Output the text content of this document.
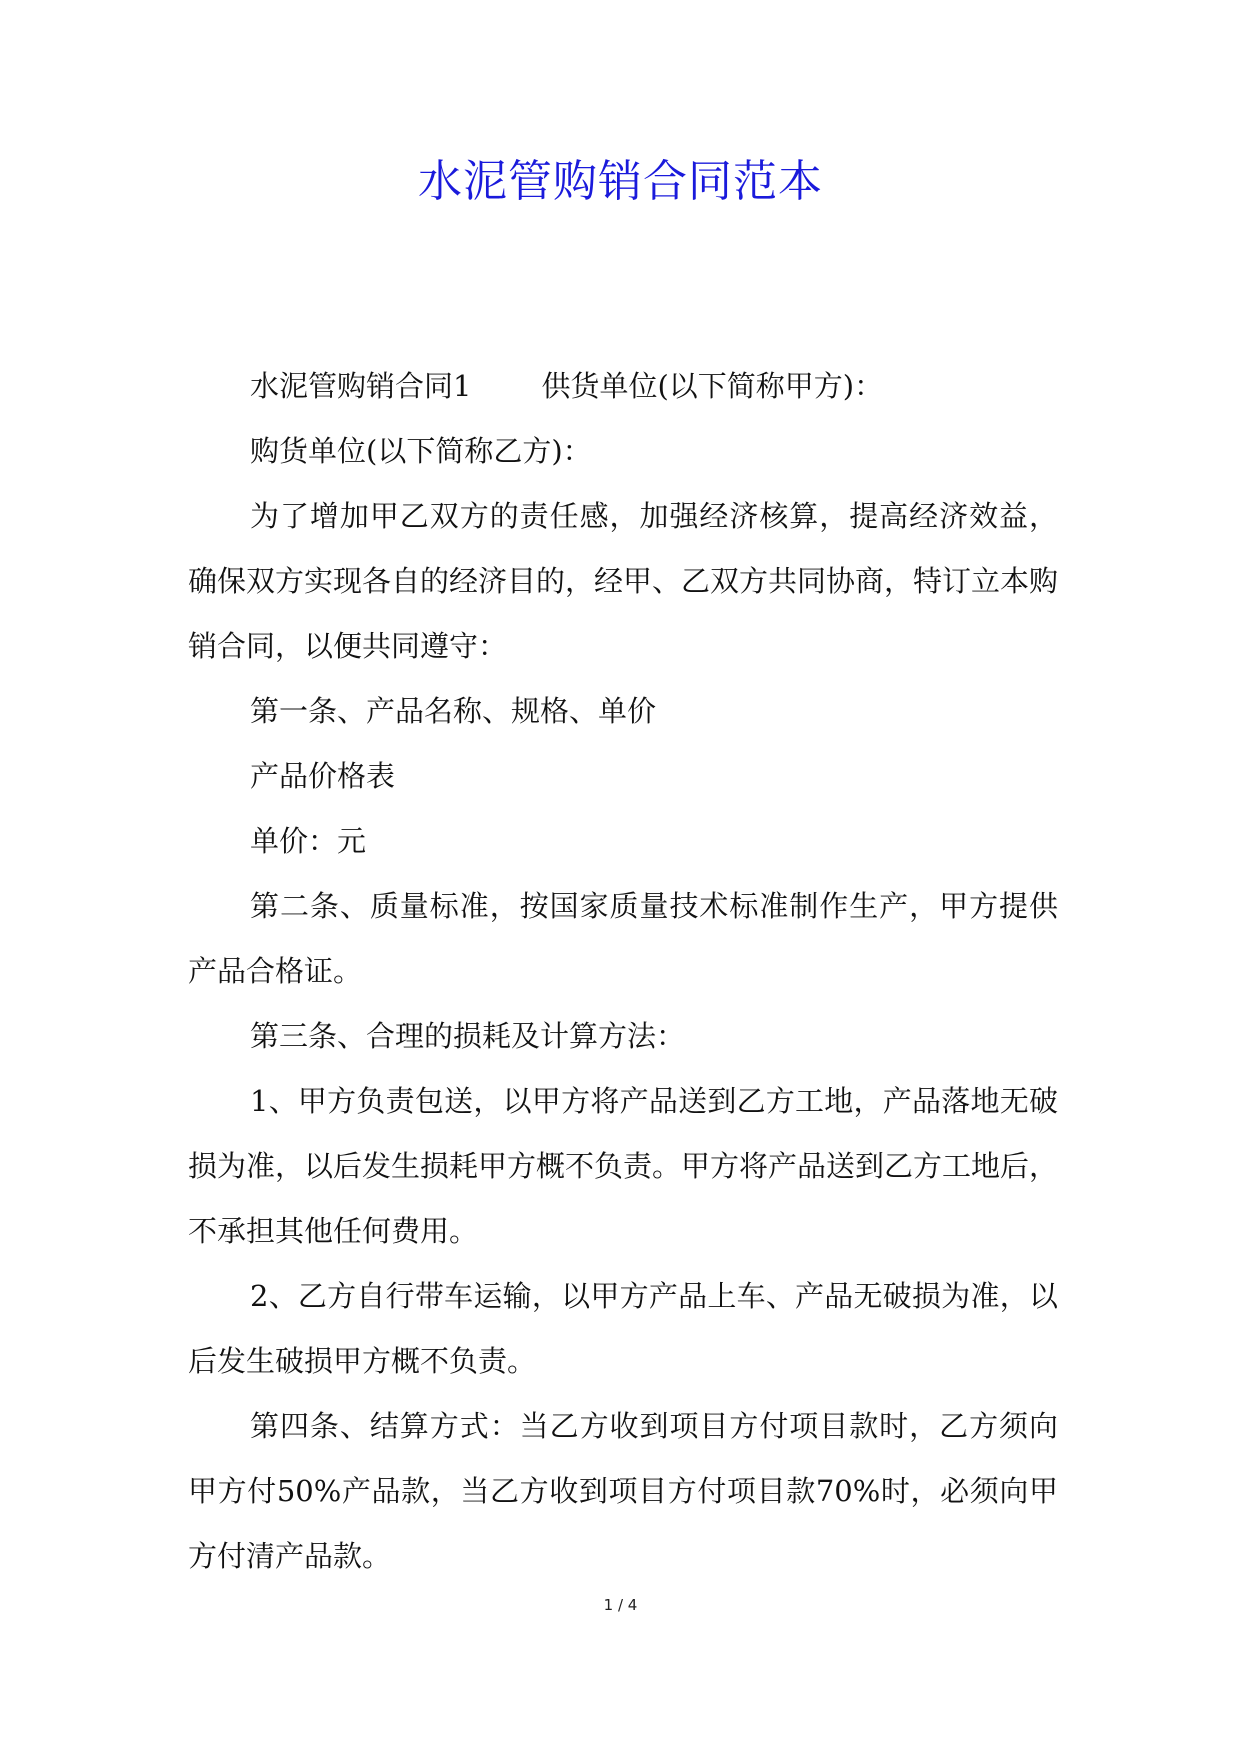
水泥管购销合同范本

水泥管购销合同1 供货单位(以下简称甲方)：

购货单位(以下简称乙方)：

为了增加甲乙双方的责任感，加强经济核算，提高经济效益，确保双方实现各自的经济目的，经甲、乙双方共同协商，特订立本购销合同，以便共同遵守：

第一条、产品名称、规格、单价

产品价格表

单价：元

第二条、质量标准，按国家质量技术标准制作生产，甲方提供产品合格证。

第三条、合理的损耗及计算方法：

1、甲方负责包送，以甲方将产品送到乙方工地，产品落地无破损为准，以后发生损耗甲方概不负责。甲方将产品送到乙方工地后，不承担其他任何费用。

2、乙方自行带车运输，以甲方产品上车、产品无破损为准，以后发生破损甲方概不负责。

第四条、结算方式：当乙方收到项目方付项目款时，乙方须向甲方付50%产品款，当乙方收到项目方付项目款70%时，必须向甲方付清产品款。

1 / 4
